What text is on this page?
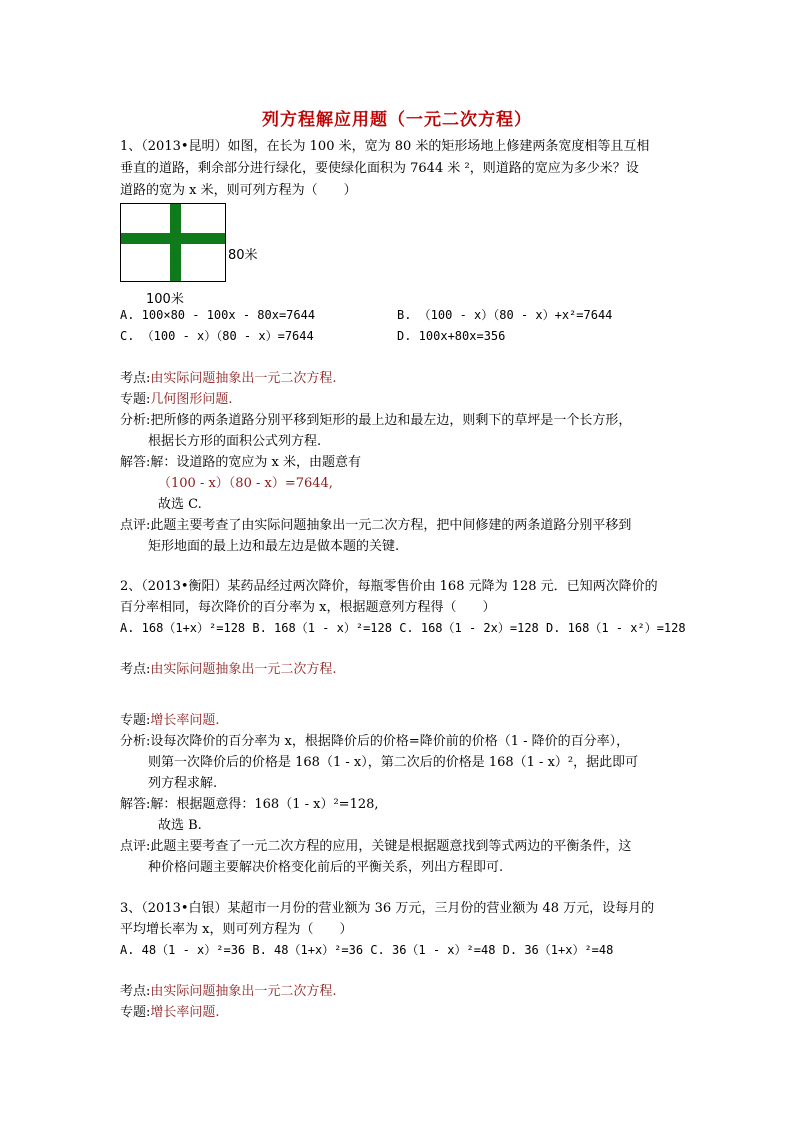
列方程解应用题（一元二次方程）
1、（2013•昆明）如图，在长为 100 米，宽为 80 米的矩形场地上修建两条宽度相等且互相
垂直的道路，剩余部分进行绿化，要使绿化面积为 7644 米 ²，则道路的宽应为多少米？设
道路的宽为 x 米，则可列方程为（　　）
80米
100米
A. 100×80 - 100x - 80x=7644	B. （100 - x）（80 - x）+x²=7644
C. （100 - x）（80 - x）=7644	D. 100x+80x=356
考点:由实际问题抽象出一元二次方程.
专题:几何图形问题.
分析:把所修的两条道路分别平移到矩形的最上边和最左边，则剩下的草坪是一个长方形，
根据长方形的面积公式列方程.
解答:解：设道路的宽应为 x 米，由题意有
（100 - x）（80 - x）=7644,
故选 C.
点评:此题主要考查了由实际问题抽象出一元二次方程，把中间修建的两条道路分别平移到
矩形地面的最上边和最左边是做本题的关键.
2、（2013•衡阳）某药品经过两次降价，每瓶零售价由 168 元降为 128 元．已知两次降价的
百分率相同，每次降价的百分率为 x，根据题意列方程得（　　）
A. 168（1+x）²=128 B. 168（1 - x）²=128 C. 168（1 - 2x）=128 D. 168（1 - x²）=128
考点:由实际问题抽象出一元二次方程.
专题:增长率问题.
分析:设每次降价的百分率为 x，根据降价后的价格=降价前的价格（1 - 降价的百分率），
则第一次降价后的价格是 168（1 - x），第二次后的价格是 168（1 - x）²，据此即可
列方程求解.
解答:解：根据题意得：168（1 - x）²=128,
故选 B.
点评:此题主要考查了一元二次方程的应用，关键是根据题意找到等式两边的平衡条件，这
种价格问题主要解决价格变化前后的平衡关系，列出方程即可.
3、（2013•白银）某超市一月份的营业额为 36 万元，三月份的营业额为 48 万元，设每月的
平均增长率为 x，则可列方程为（　　）
A. 48（1 - x）²=36 B. 48（1+x）²=36 C. 36（1 - x）²=48 D. 36（1+x）²=48
考点:由实际问题抽象出一元二次方程.
专题:增长率问题.
